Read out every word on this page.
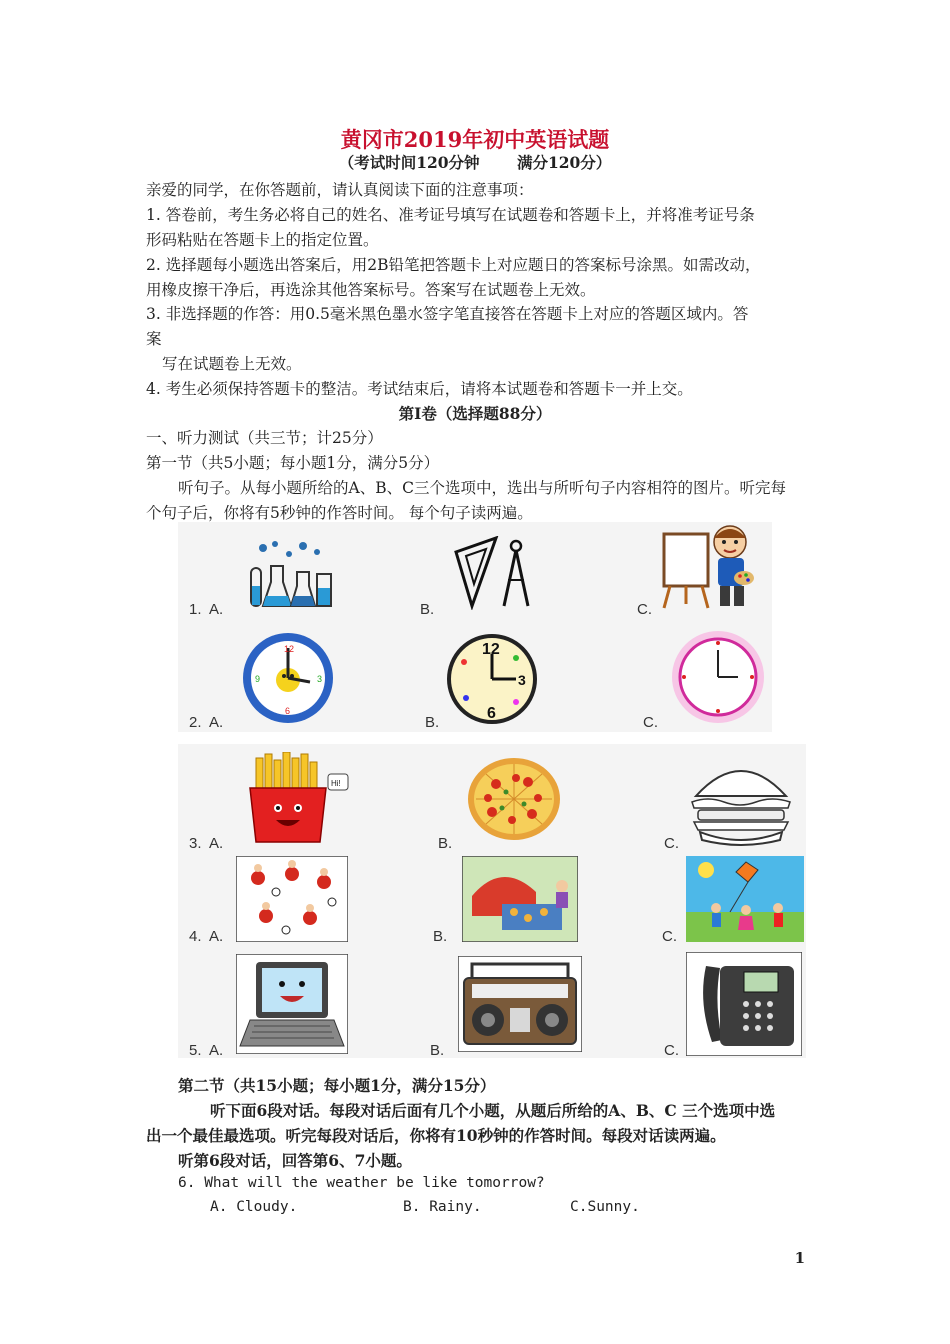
黄冈市2019年初中英语试题
（考试时间120分钟 满分120分）
亲爱的同学，在你答题前，请认真阅读下面的注意事项：
1. 答卷前，考生务必将自己的姓名、准考证号填写在试题卷和答题卡上，并将准考证号条
形码粘贴在答题卡上的指定位置。
2. 选择题每小题选出答案后，用2B铅笔把答题卡上对应题日的答案标号涂黑。如需改动，
用橡皮擦干净后，再选涂其他答案标号。答案写在试题卷上无效。
3. 非选择题的作答：用0.5毫米黑色墨水签字笔直接答在答题卡上对应的答题区域内。答
案
写在试题卷上无效。
4. 考生必须保持答题卡的整洁。考试结束后，请将本试题卷和答题卡一并上交。
第Ⅰ卷（选择题88分）
一、听力测试（共三节；计25分）
第一节（共5小题；每小题1分，满分5分）
听句子。从每小题所给的A、B、C三个选项中，选出与所听句子内容相符的图片。听完每
个句子后，你将有5秒钟的作答时间。 每个句子读两遍。
1. A.	B.	C.
12
9	3
6
12
3
6
2. A.	B.	C.
Hi!
3. A.	B.	C.
4. A.	B.	C.
5. A.	B.	C.
第二节（共15小题；每小题1分，满分15分）
听下面6段对话。每段对话后面有几个小题，从题后所给的A、B、C 三个选项中选
出一个最佳最选项。听完每段对话后，你将有10秒钟的作答时间。每段对话读两遍。
听第6段对话，回答第6、7小题。
6. What will the weather be like tomorrow?
A. Cloudy.	B. Rainy.	C.Sunny.
1
